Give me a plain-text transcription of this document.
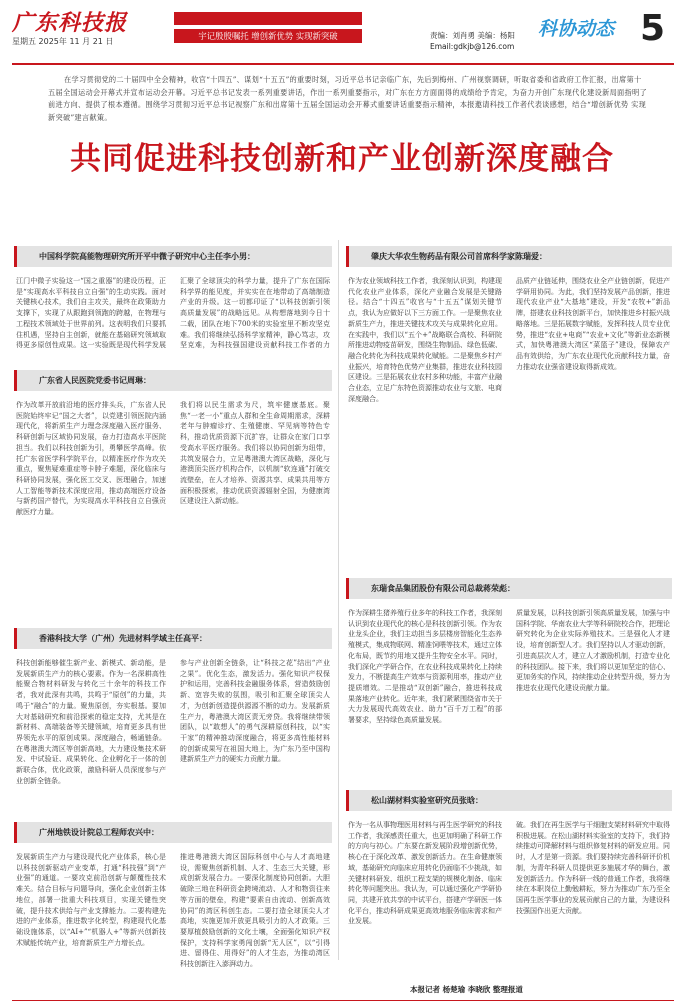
广东科技报
星期五 2025年 11 月 21 日
宇记殷殷嘱托 增创新优势 实现新突破	责编：刘肖勇 美编：杨阳
Email:gdkjb@126.com
科协动态 5

在学习贯彻党的二十届四中全会精神，收官“十四五”、谋划“十五五”的重要时刻，习近平总书记亲临广东，先后到梅州、广州视察调研，听取省委和省政府工作汇报，出席第十五届全国运动会开幕式并宣布运动会开幕。习近平总书记发表一系列重要讲话，作出一系列重要指示，对广东在方方面面得的成绩给予肯定，为奋力开创广东现代化建设新局面指明了前进方向、提供了根本遵循。围绕学习贯彻习近平总书记视察广东和出席第十五届全国运动会开幕式重要讲话重要指示精神，本报邀请科技工作者代表谈感想，结合“增创新优势 实现新突破”建言献策。

共同促进科技创新和产业创新深度融合
中国科学院高能物理研究所开平中微子研究中心主任李小男：

江门中微子实验这一“国之重器”的建设历程，正是“实现高水平科技自立自强”的生动实践。面对关键核心技术，我们自主攻关，最终在政策助力支撑下，实现了从跟跑到领跑的跨越，在物理与工程技术领域处于世界前列。这表明我们只要抓住机遇，坚持自主创新，就能在基础研究领域取得更多原创性成果。这一实验既是现代科学发展

汇聚了全球顶尖的科学力量，提升了广东在国际科学界的能见度，并实实在在地带动了高端制造产业的升级。这一切都印证了“以科技创新引领高质量发展”的战略远见。从构想落地到今日十二载，团队在地下700米的实验室里不断攻坚克难。我们将继续弘扬科学家精神，静心笃志，攻坚克难，为科技强国建设贡献科技工作者的力

广东省人民医院党委书记周琳：

作为改革开放前沿地的医疗排头兵，广东省人民医院始终牢记“国之大者”，以党建引领医院内涵现代化，将新质生产力理念深度融入医疗服务、科研创新与区域协同发展，奋力打造高水平医院担当。我们以科技创新为引，勇攀医学高峰。依托广东省医学科学院平台，以精准医疗作为攻关重点，聚焦疑难重症等卡脖子难题，深化临床与科研协同发展，强化医工交叉、医理融合，加速人工智能等新技术深度应用，推动高端医疗设备与新药国产替代，为实现高水平科技自立自强贡献医疗力量。

我们将以民生需求为尺，筑牢健康基底。聚焦“一老一小”重点人群和全生命周期需求，深耕老年与肿瘤诊疗、生殖健康、罕见病等特色专科，推动优质资源下沉扩容，让群众在家门口享受高水平医疗服务。我们将以协同创新为纽带，共筑发展合力，立足粤港澳大湾区战略，深化与港澳顶尖医疗机构合作，以机制“软连通”打破交流壁垒，在人才培养、资源共享、成果共用等方面积极探索，推动优质资源辐射全国，为健康湾区建设注入新动能。

香港科技大学（广州）先进材料学域主任高平：

科技创新能够催生新产业、新模式、新动能，是发展新质生产力的核心要素。作为一名深耕高性能聚合物材料研发与转化三十余年的科技工作者，我对此深有共鸣，共鸣于“原创”的力量，共鸣于“融合”的力量。聚焦原创，夯实根基。要加大对基础研究和前沿探索的稳定支持，尤其是在新材料、高端装备等关键领域，培育更多具有世界领先水平的原创成果。深度融合，畅通链条。在粤港澳大湾区等创新高地，大力建设集技术研发、中试验证、成果转化、企业孵化于一体的创新联合体，优化政策，激励科研人员深度参与产业创新全链条。

参与产业创新全链条，让“科技之花”结出“产业之果”。优化生态，激发活力。强化知识产权保护和运用，完善科技金融服务体系，营造鼓励创新、宽容失败的氛围，吸引和汇聚全球顶尖人才，为创新创造提供源源不断的动力。发展新质生产力，粤港澳大湾区责无旁贷。我将继续带领团队，以“敢想人”的勇气深耕原创科技，以“实干家”的精神推动深度融合，将更多高性能材料的创新成果写在祖国大地上，为广东乃至中国构建新质生产力的硬实力贡献力量。

广州地铁设计院总工程师农兴中：

发展新质生产力与建设现代化产业体系，核心是以科技创新驱动产业变革，打通“科技强”到“产业强”的通道。一要攻克前沿创新与颠覆性技术难关。结合目标与问题导向，强化企业创新主体地位，部署一批重大科技项目，实现关键性突破，提升技术供给与产业支撑能力。二要构建先进的产业体系，推进数字化转型，构建现代化基础设施体系，以“AI+”“机器人+”等新兴创新技术赋能传统产业，培育新质生产力增长点。

推进粤港澳大湾区国际科创中心与人才高地建设，需聚焦创新机制、人才、生态三大关键，形成创新发展合力。一要深化制度协同创新。大胆破除三地在科研资金跨境流动、人才和物资往来等方面的壁垒，构建“要素自由流动、创新高效协同”的湾区科创生态。二要打造全球顶尖人才高地，实施更加开放更具吸引力的人才政策。三要厚植鼓励创新的文化土壤，全面强化知识产权保护，支持科学家勇闯创新“无人区”，以“引得进、留得住、用得好”的人才生态，为推动湾区科技创新注入澎湃动力。

肇庆大华农生物药品有限公司首席科学家陈瑞爱：

作为农业领域科技工作者，我深刻认识到，构建现代化农业产业体系，深化产业融合发展是关键路径。结合“十四五”收官与“十五五”谋划关键节点，我认为应做好以下三方面工作。一是聚焦农业新质生产力，推进关键技术攻关与成果转化应用。在实践中，我们以“五个+”战略联合高校、科研院所推进动物疫苗研发，围绕生物制品、绿色低碳、融合化转化为科技成果转化赋能。二是聚焦乡村产业振兴，培育特色优势产业集群，推进农业科技园区建设。三是拓展农业农村多种功能，丰富产业融合业态，立足广东特色资源推动农业与文旅、电商深度融合。

品质产业链延伸，围绕农业全产业链创新，促进产学研用协同。为此，我们坚持发展产品创新，推进现代农业产业“大基地”建设，开发“农牧+”新品牌，搭建农业科技创新平台，加快推进乡村振兴战略落地。三是拓展数字赋能，发挥科技人员专业优势，推进“农业+电商”“农业+文化”等新业态新模式，加快粤港澳大湾区“菜篮子”建设，保障农产品有效供给，为广东农业现代化贡献科技力量，奋力推动农业强省建设取得新成效。

东瑞食品集团股份有限公司总裁蒋荣彪：

作为深耕生猪养殖行业多年的科技工作者，我深刻认识到农业现代化的核心是科技创新引领。作为农业龙头企业，我们主动担当多层楼房智能化生态养殖模式，集成物联网、精准饲喂等技术，通过立体化布局，既节约用地又提升生物安全水平。同时，我们深化产学研合作，在农业科技成果转化上持续发力，不断提高生产效率与资源利用率，推动产业提质增效。二是推动“双创新”融合，推进科技成果落地产业转化。近年来，我们紧紧围绕省市关于大力发展现代高效农业、助力“百千万工程”的部署要求，坚持绿色高质量发展。

质量发展，以科技创新引领高质量发展，加强与中国科学院、华南农业大学等科研院校合作，把理论研究转化为企业实际养殖技术。三是强化人才建设，培育创新型人才。我们坚持以人才驱动创新，引进高层次人才，建立人才激励机制，打造专业化的科技团队。接下来，我们将以更加坚定的信心、更加务实的作风，持续推动企业转型升级，努力为推进农业现代化建设贡献力量。

松山湖材料实验室研究员张晗：

作为一名从事物理医用材料与再生医学研究的科技工作者，我深感责任重大，也更加明确了科研工作的方向与初心。广东要在新发展阶段增创新优势，核心在于深化改革、激发创新活力。在生命健康领域，基础研究向临床应用转化仍面临不少挑战，如关键材料研发、组织工程支架的规模化制备、临床转化等问题突出。我认为，可以通过强化产学研协同，共建开放共享的中试平台，搭建产学研医一体化平台，推动科研成果更高效地服务临床需求和产业发展。

破。我们在再生医学与干细胞支架材料研究中取得积极进展。在松山湖材料实验室的支持下，我们持续推动可降解材料与组织修复材料的研发应用。同时，人才是第一资源。我们要持续完善科研评价机制，为青年科研人员提供更多施展才华的舞台，激发创新活力。作为科研一线的普通工作者，我将继续在本职岗位上勤勉耕耘，努力为推动广东乃至全国再生医学事业的发展贡献自己的力量，为建设科技强国作出更大贡献。

本报记者 杨楚瑜 李晓欣 整理报道
